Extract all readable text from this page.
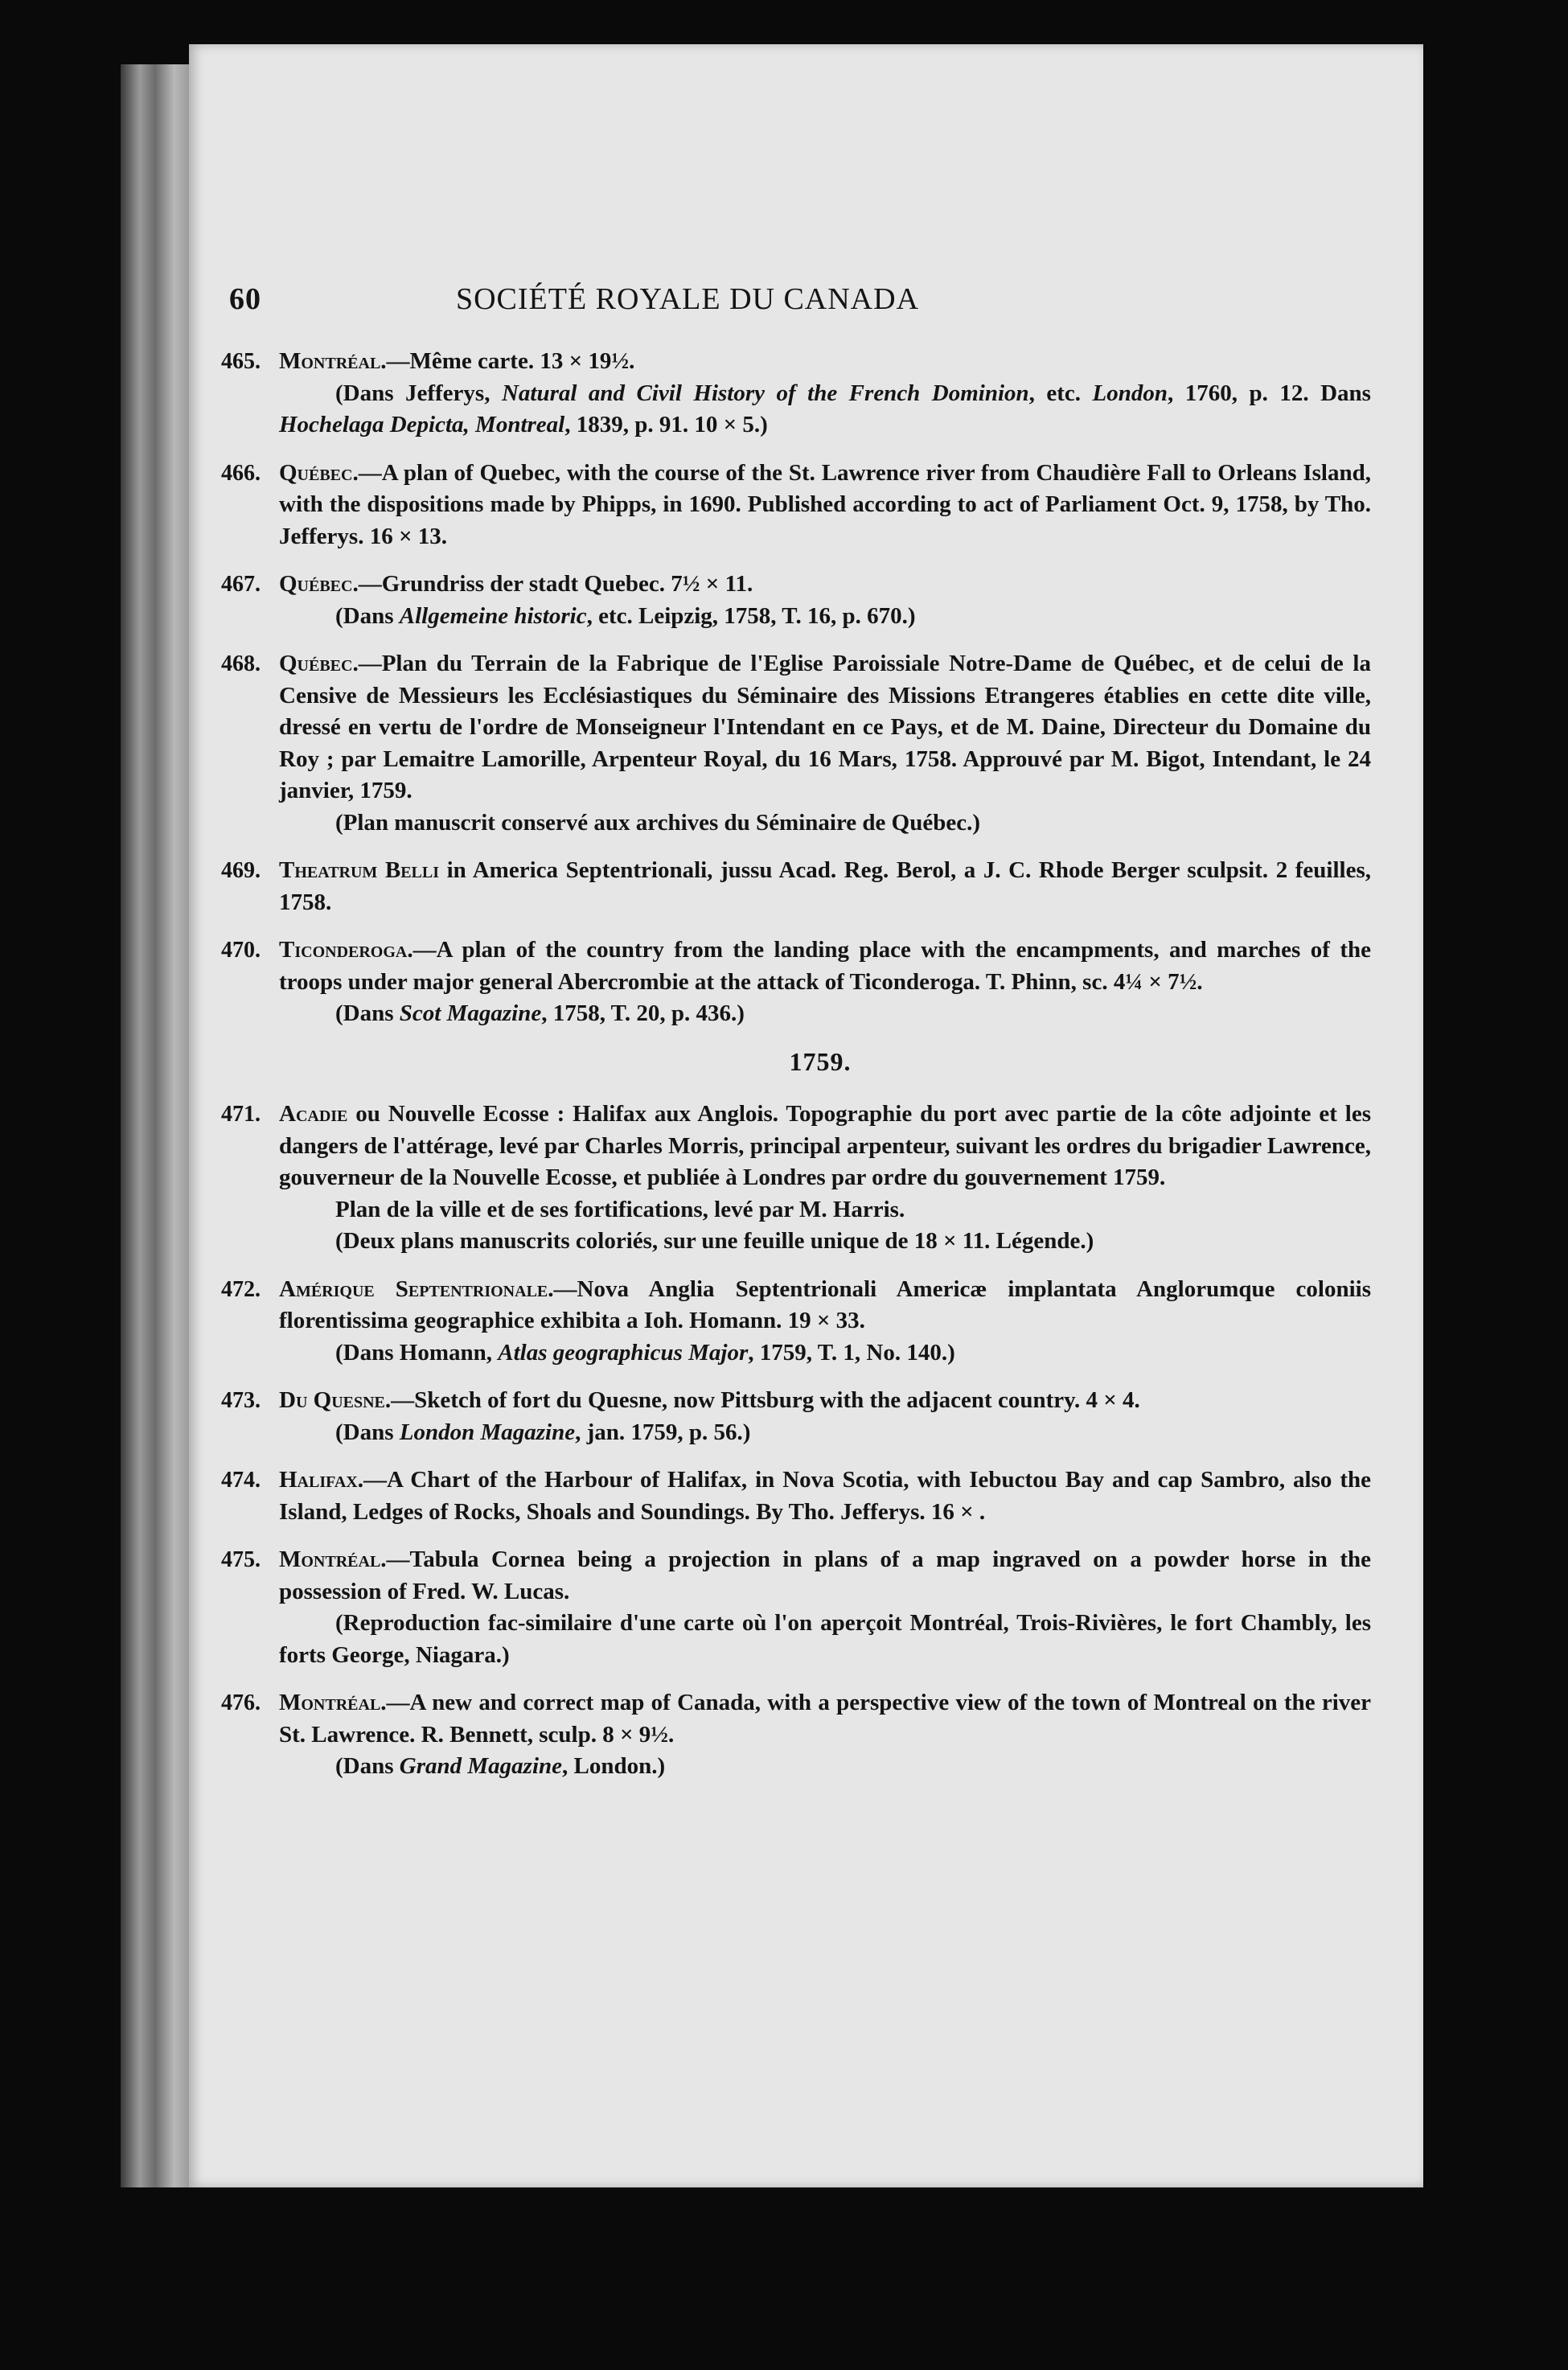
SOCIÉTÉ ROYALE DU CANADA
60
465. Montréal.—Même carte. 13 × 19½.

(Dans Jefferys, Natural and Civil History of the French Dominion, etc. London, 1760, p. 12. Dans Hochelaga Depicta, Montreal, 1839, p. 91. 10 × 5.)

466. Québec.—A plan of Quebec, with the course of the St. Lawrence river from Chaudière Fall to Orleans Island, with the dispositions made by Phipps, in 1690. Published according to act of Parliament Oct. 9, 1758, by Tho. Jefferys. 16 × 13.

467. Québec.—Grundriss der stadt Quebec. 7½ × 11.

(Dans Allgemeine historic, etc. Leipzig, 1758, T. 16, p. 670.)

468. Québec.—Plan du Terrain de la Fabrique de l'Eglise Paroissiale Notre-Dame de Québec, et de celui de la Censive de Messieurs les Ecclésiastiques du Séminaire des Missions Etrangeres établies en cette dite ville, dressé en vertu de l'ordre de Monseigneur l'Intendant en ce Pays, et de M. Daine, Directeur du Domaine du Roy ; par Lemaitre Lamorille, Arpenteur Royal, du 16 Mars, 1758. Approuvé par M. Bigot, Intendant, le 24 janvier, 1759.

(Plan manuscrit conservé aux archives du Séminaire de Québec.)

469. Theatrum Belli in America Septentrionali, jussu Acad. Reg. Berol, a J. C. Rhode Berger sculpsit. 2 feuilles, 1758.

470. Ticonderoga.—A plan of the country from the landing place with the encampments, and marches of the troops under major general Abercrombie at the attack of Ticonderoga. T. Phinn, sc. 4¼ × 7½.

(Dans Scot Magazine, 1758, T. 20, p. 436.)

1759.
471. Acadie ou Nouvelle Ecosse : Halifax aux Anglois. Topographie du port avec partie de la côte adjointe et les dangers de l'attérage, levé par Charles Morris, principal arpenteur, suivant les ordres du brigadier Lawrence, gouverneur de la Nouvelle Ecosse, et publiée à Londres par ordre du gouvernement 1759.

Plan de la ville et de ses fortifications, levé par M. Harris.

(Deux plans manuscrits coloriés, sur une feuille unique de 18 × 11. Légende.)

472. Amérique Septentrionale.—Nova Anglia Septentrionali Americæ implantata Anglorumque coloniis florentissima geographice exhibita a Ioh. Homann. 19 × 33.

(Dans Homann, Atlas geographicus Major, 1759, T. 1, No. 140.)

473. Du Quesne.—Sketch of fort du Quesne, now Pittsburg with the adjacent country. 4 × 4.

(Dans London Magazine, jan. 1759, p. 56.)

474. Halifax.—A Chart of the Harbour of Halifax, in Nova Scotia, with Iebuctou Bay and cap Sambro, also the Island, Ledges of Rocks, Shoals and Soundings. By Tho. Jefferys. 16 × .

475. Montréal.—Tabula Cornea being a projection in plans of a map ingraved on a powder horse in the possession of Fred. W. Lucas.

(Reproduction fac-similaire d'une carte où l'on aperçoit Montréal, Trois-Rivières, le fort Chambly, les forts George, Niagara.)

476. Montréal.—A new and correct map of Canada, with a perspective view of the town of Montreal on the river St. Lawrence. R. Bennett, sculp. 8 × 9½.

(Dans Grand Magazine, London.)
